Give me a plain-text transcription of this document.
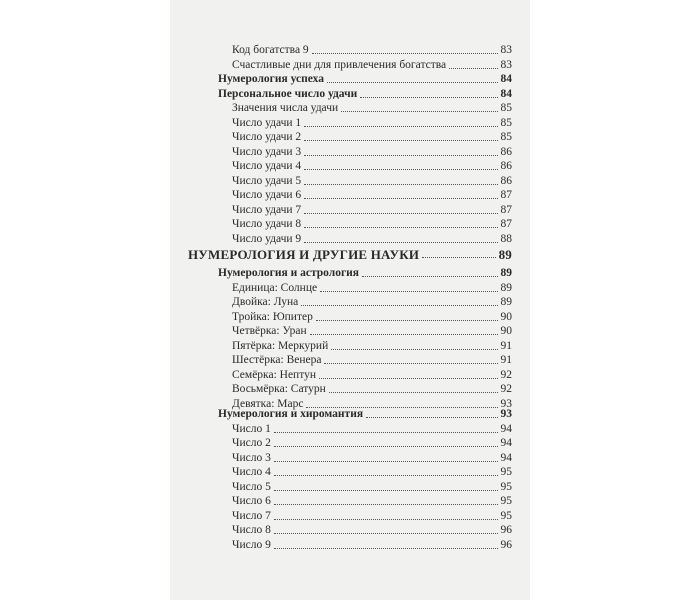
Код богатства 9	83
Счастливые дни для привлечения богатства	83
Нумерология успеха	84
Персональное число удачи	84
Значения числа удачи	85
Число удачи 1	85
Число удачи 2	85
Число удачи 3	86
Число удачи 4	86
Число удачи 5	86
Число удачи 6	87
Число удачи 7	87
Число удачи 8	87
Число удачи 9	88
НУМЕРОЛОГИЯ И ДРУГИЕ НАУКИ	89
Нумерология и астрология	89
Единица: Солнце	89
Двойка: Луна	89
Тройка: Юпитер	90
Четвёрка: Уран	90
Пятёрка: Меркурий	91
Шестёрка: Венера	91
Семёрка: Нептун	92
Восьмёрка: Сатурн	92
Девятка: Марс	93
Нумерология и хиромантия	93
Число 1	94
Число 2	94
Число 3	94
Число 4	95
Число 5	95
Число 6	95
Число 7	95
Число 8	96
Число 9	96
